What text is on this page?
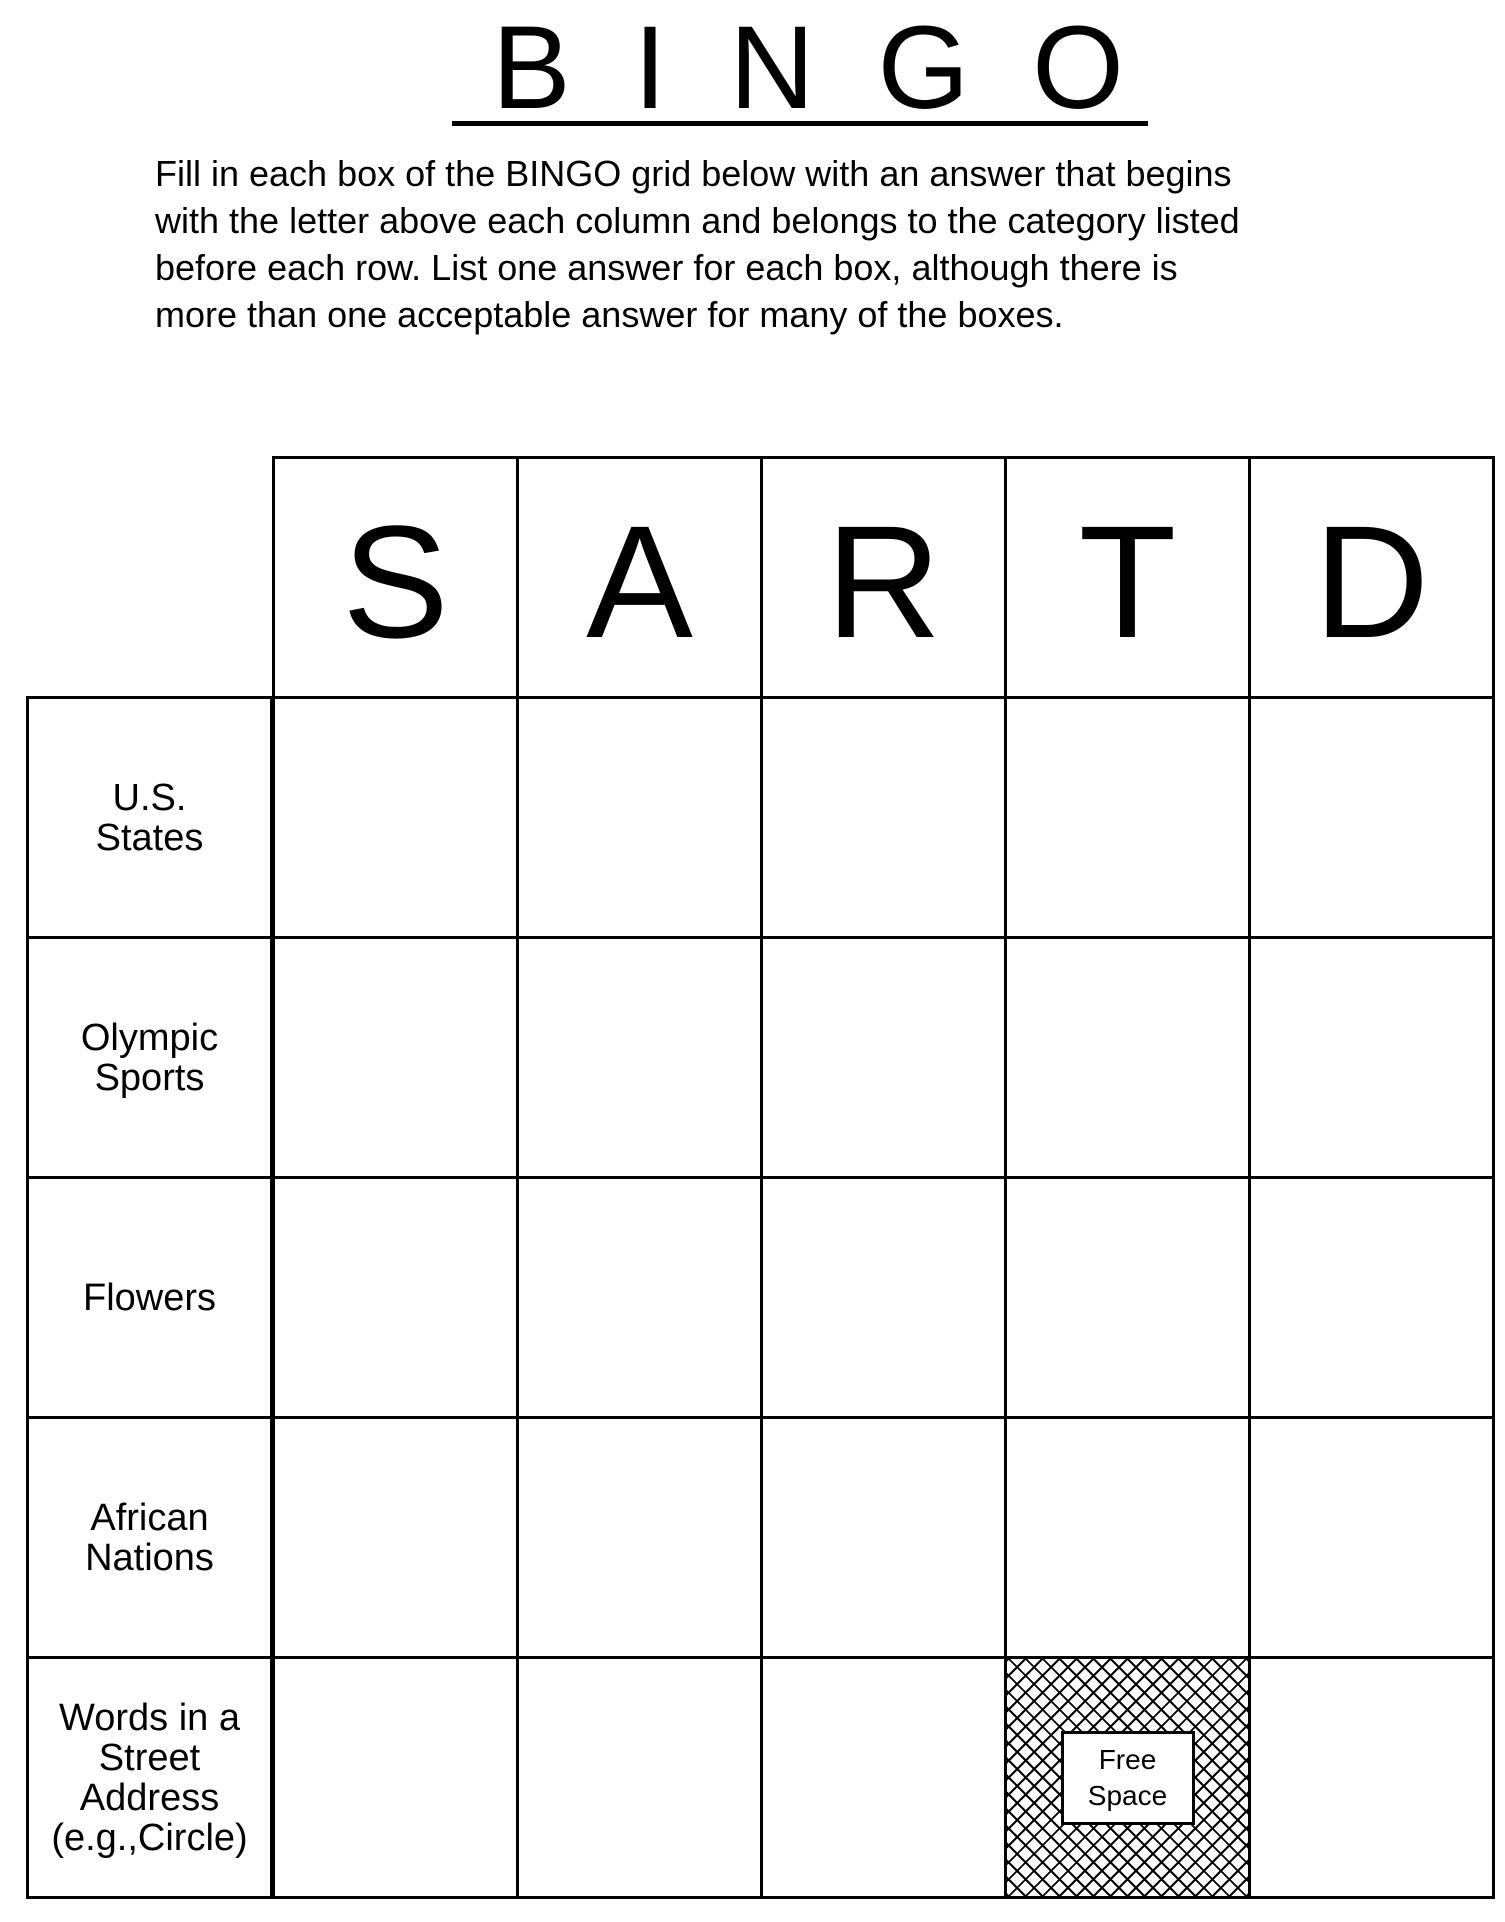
B I N G O
Fill in each box of the BINGO grid below with an answer that begins
with the letter above each column and belongs to the category listed
before each row. List one answer for each box, although there is
more than one acceptable answer for many of the boxes.
S A R T D
U.S.
States
Olympic
Sports
Flowers
African
Nations
Words in a
Street
Address
(e.g.,Circle)
Free
Space
